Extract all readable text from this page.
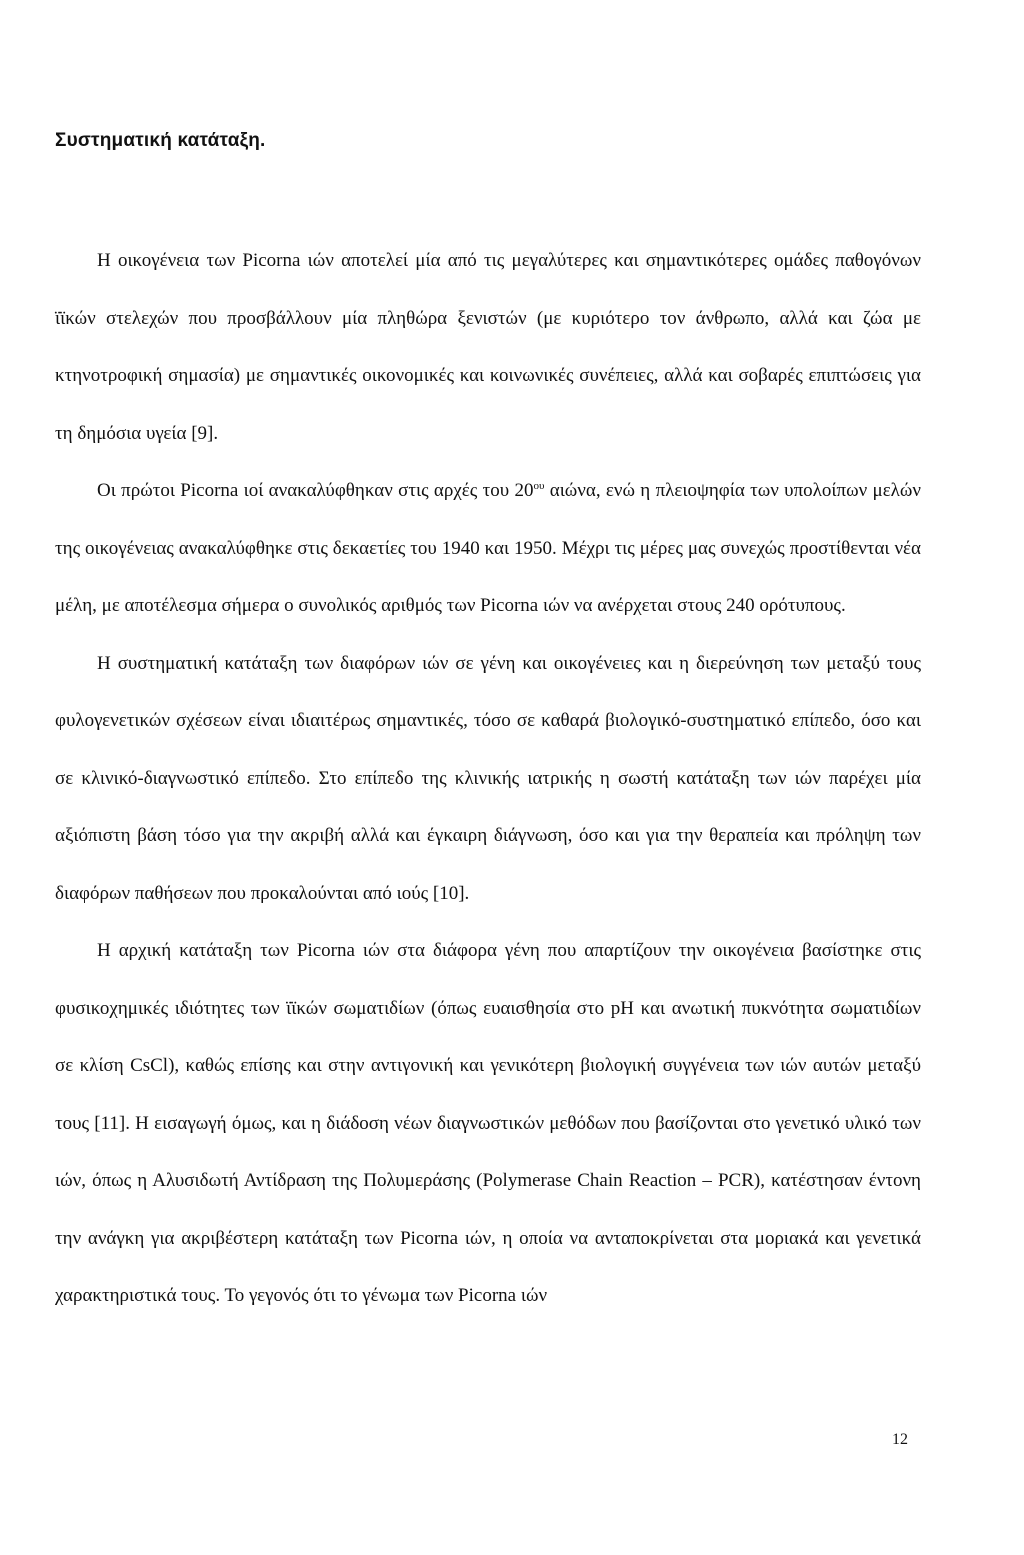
Συστηματική κατάταξη.

Η οικογένεια των Picorna ιών αποτελεί μία από τις μεγαλύτερες και σημαντικότερες ομάδες παθογόνων ϊϊκών στελεχών που προσβάλλουν μία πληθώρα ξενιστών (με κυριότερο τον άνθρωπο, αλλά και ζώα με κτηνοτροφική σημασία) με σημαντικές οικονομικές και κοινωνικές συνέπειες, αλλά και σοβαρές επιπτώσεις για τη δημόσια υγεία [9].

Οι πρώτοι Picorna ιοί ανακαλύφθηκαν στις αρχές του $20^{o\upsilon}$ αιώνα, ενώ η πλειοψηφία των υπολοίπων μελών της οικογένειας ανακαλύφθηκε στις δεκαετίες του 1940 και 1950. Μέχρι τις μέρες μας συνεχώς προστίθενται νέα μέλη, με αποτέλεσμα σήμερα ο συνολικός αριθμός των Picorna ιών να ανέρχεται στους 240 ορότυπους.

Η συστηματική κατάταξη των διαφόρων ιών σε γένη και οικογένειες και η διερεύνηση των μεταξύ τους φυλογενετικών σχέσεων είναι ιδιαιτέρως σημαντικές, τόσο σε καθαρά βιολογικό-συστηματικό επίπεδο, όσο και σε κλινικό-διαγνωστικό επίπεδο. Στο επίπεδο της κλινικής ιατρικής η σωστή κατάταξη των ιών παρέχει μία αξιόπιστη βάση τόσο για την ακριβή αλλά και έγκαιρη διάγνωση, όσο και για την θεραπεία και πρόληψη των διαφόρων παθήσεων που προκαλούνται από ιούς [10].

Η αρχική κατάταξη των Picorna ιών στα διάφορα γένη που απαρτίζουν την οικογένεια βασίστηκε στις φυσικοχημικές ιδιότητες των ϊϊκών σωματιδίων (όπως ευαισθησία στο pH και ανωτική πυκνότητα σωματιδίων σε κλίση CsCl), καθώς επίσης και στην αντιγονική και γενικότερη βιολογική συγγένεια των ιών αυτών μεταξύ τους [11]. Η εισαγωγή όμως, και η διάδοση νέων διαγνωστικών μεθόδων που βασίζονται στο γενετικό υλικό των ιών, όπως η Αλυσιδωτή Αντίδραση της Πολυμεράσης (Polymerase Chain Reaction – PCR), κατέστησαν έντονη την ανάγκη για ακριβέστερη κατάταξη των Picorna ιών, η οποία να ανταποκρίνεται στα μοριακά και γενετικά χαρακτηριστικά τους. Το γεγονός ότι το γένωμα των Picorna ιών

12
